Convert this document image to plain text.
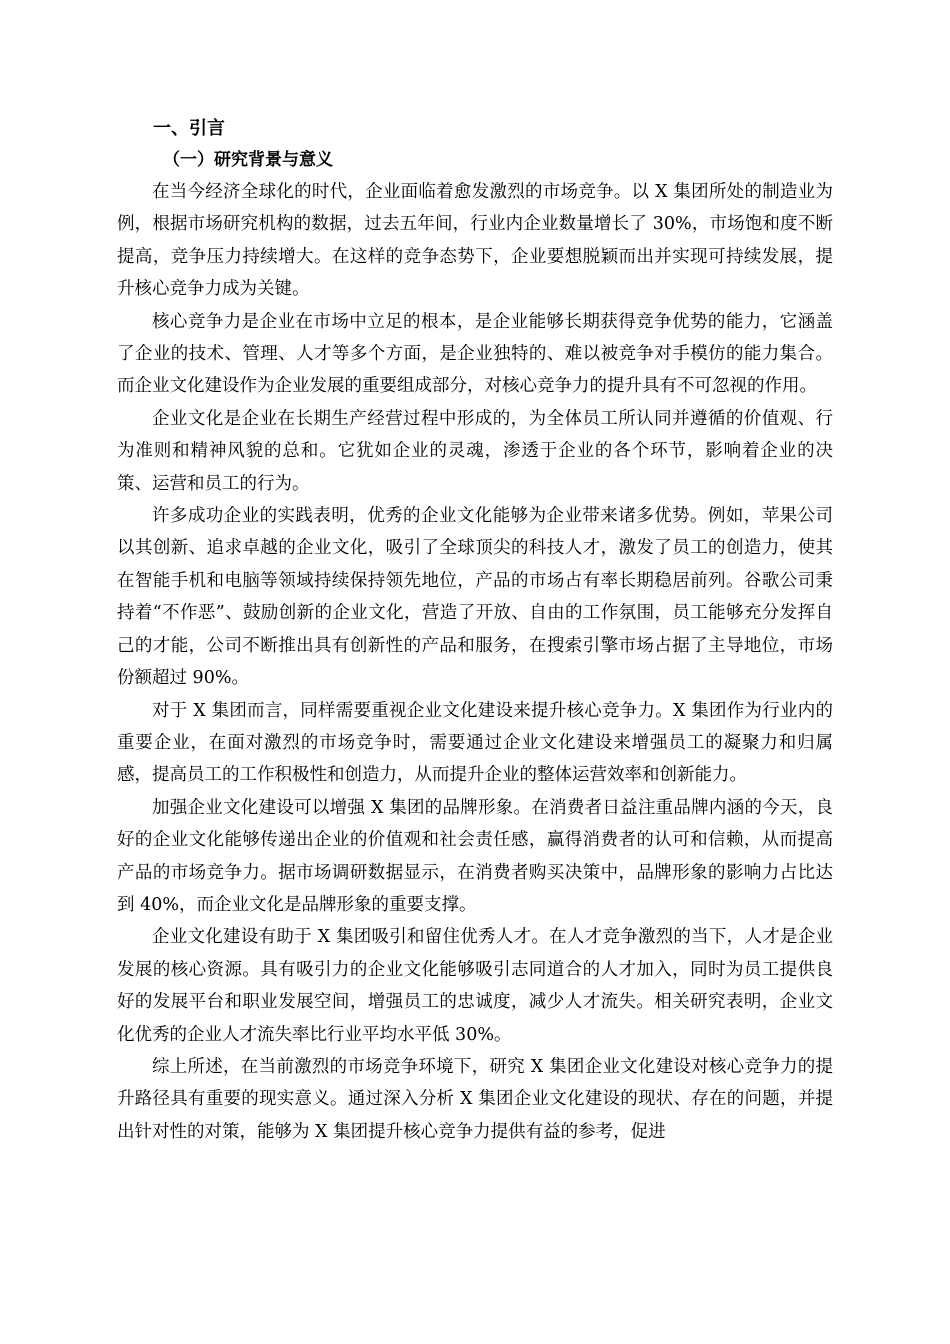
一、引言
（一）研究背景与意义

在当今经济全球化的时代，企业面临着愈发激烈的市场竞争。以 X 集团所处的制造业为例，根据市场研究机构的数据，过去五年间，行业内企业数量增长了 30%，市场饱和度不断提高，竞争压力持续增大。在这样的竞争态势下，企业要想脱颖而出并实现可持续发展，提升核心竞争力成为关键。

核心竞争力是企业在市场中立足的根本，是企业能够长期获得竞争优势的能力，它涵盖了企业的技术、管理、人才等多个方面，是企业独特的、难以被竞争对手模仿的能力集合。而企业文化建设作为企业发展的重要组成部分，对核心竞争力的提升具有不可忽视的作用。

企业文化是企业在长期生产经营过程中形成的，为全体员工所认同并遵循的价值观、行为准则和精神风貌的总和。它犹如企业的灵魂，渗透于企业的各个环节，影响着企业的决策、运营和员工的行为。

许多成功企业的实践表明，优秀的企业文化能够为企业带来诸多优势。例如，苹果公司以其创新、追求卓越的企业文化，吸引了全球顶尖的科技人才，激发了员工的创造力，使其在智能手机和电脑等领域持续保持领先地位，产品的市场占有率长期稳居前列。谷歌公司秉持着“不作恶”、鼓励创新的企业文化，营造了开放、自由的工作氛围，员工能够充分发挥自己的才能，公司不断推出具有创新性的产品和服务，在搜索引擎市场占据了主导地位，市场份额超过 90%。

对于 X 集团而言，同样需要重视企业文化建设来提升核心竞争力。X 集团作为行业内的重要企业，在面对激烈的市场竞争时，需要通过企业文化建设来增强员工的凝聚力和归属感，提高员工的工作积极性和创造力，从而提升企业的整体运营效率和创新能力。

加强企业文化建设可以增强 X 集团的品牌形象。在消费者日益注重品牌内涵的今天，良好的企业文化能够传递出企业的价值观和社会责任感，赢得消费者的认可和信赖，从而提高产品的市场竞争力。据市场调研数据显示，在消费者购买决策中，品牌形象的影响力占比达到 40%，而企业文化是品牌形象的重要支撑。

企业文化建设有助于 X 集团吸引和留住优秀人才。在人才竞争激烈的当下，人才是企业发展的核心资源。具有吸引力的企业文化能够吸引志同道合的人才加入，同时为员工提供良好的发展平台和职业发展空间，增强员工的忠诚度，减少人才流失。相关研究表明，企业文化优秀的企业人才流失率比行业平均水平低 30%。

综上所述，在当前激烈的市场竞争环境下，研究 X 集团企业文化建设对核心竞争力的提升路径具有重要的现实意义。通过深入分析 X 集团企业文化建设的现状、存在的问题，并提出针对性的对策，能够为 X 集团提升核心竞争力提供有益的参考，促进
